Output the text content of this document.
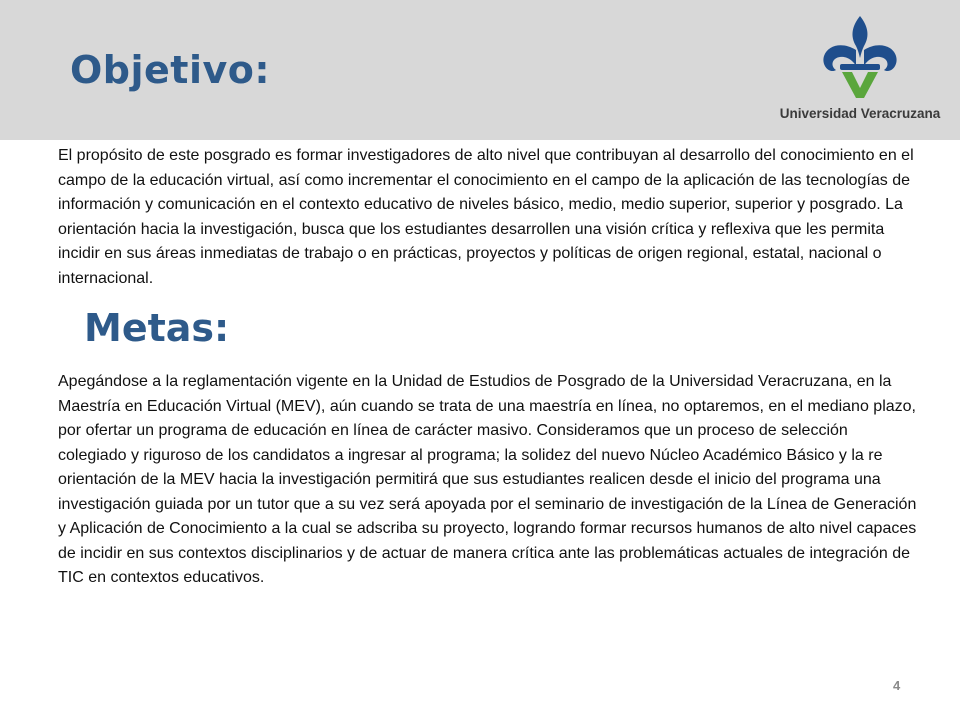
Objetivo:
Universidad Veracruzana

El propósito de este posgrado es formar investigadores de alto nivel que contribuyan al desarrollo del conocimiento en el campo de la educación virtual, así como incrementar el conocimiento en el campo de la aplicación de las tecnologías de información y comunicación en el contexto educativo de niveles básico, medio, medio superior, superior y posgrado. La orientación hacia la investigación, busca que los estudiantes desarrollen una visión crítica y reflexiva que les permita incidir en sus áreas inmediatas de trabajo o en prácticas, proyectos y políticas de origen regional, estatal, nacional o internacional.

Metas:

Apegándose a la reglamentación vigente en la Unidad de Estudios de Posgrado de la Universidad Veracruzana, en la Maestría en Educación Virtual (MEV), aún cuando se trata de una maestría en línea, no optaremos, en el mediano plazo, por ofertar un programa de educación en línea de carácter masivo. Consideramos que un proceso de selección colegiado y riguroso de los candidatos a ingresar al programa; la solidez del nuevo Núcleo Académico Básico y la re orientación de la MEV hacia la investigación permitirá que sus estudiantes realicen desde el inicio del programa una investigación guiada por un tutor que a su vez será apoyada por el seminario de investigación de la Línea de Generación y Aplicación de Conocimiento a la cual se adscriba su proyecto, logrando formar recursos humanos de alto nivel capaces de incidir en sus contextos disciplinarios y de actuar de manera crítica ante las problemáticas actuales de integración de TIC en contextos educativos.

4
